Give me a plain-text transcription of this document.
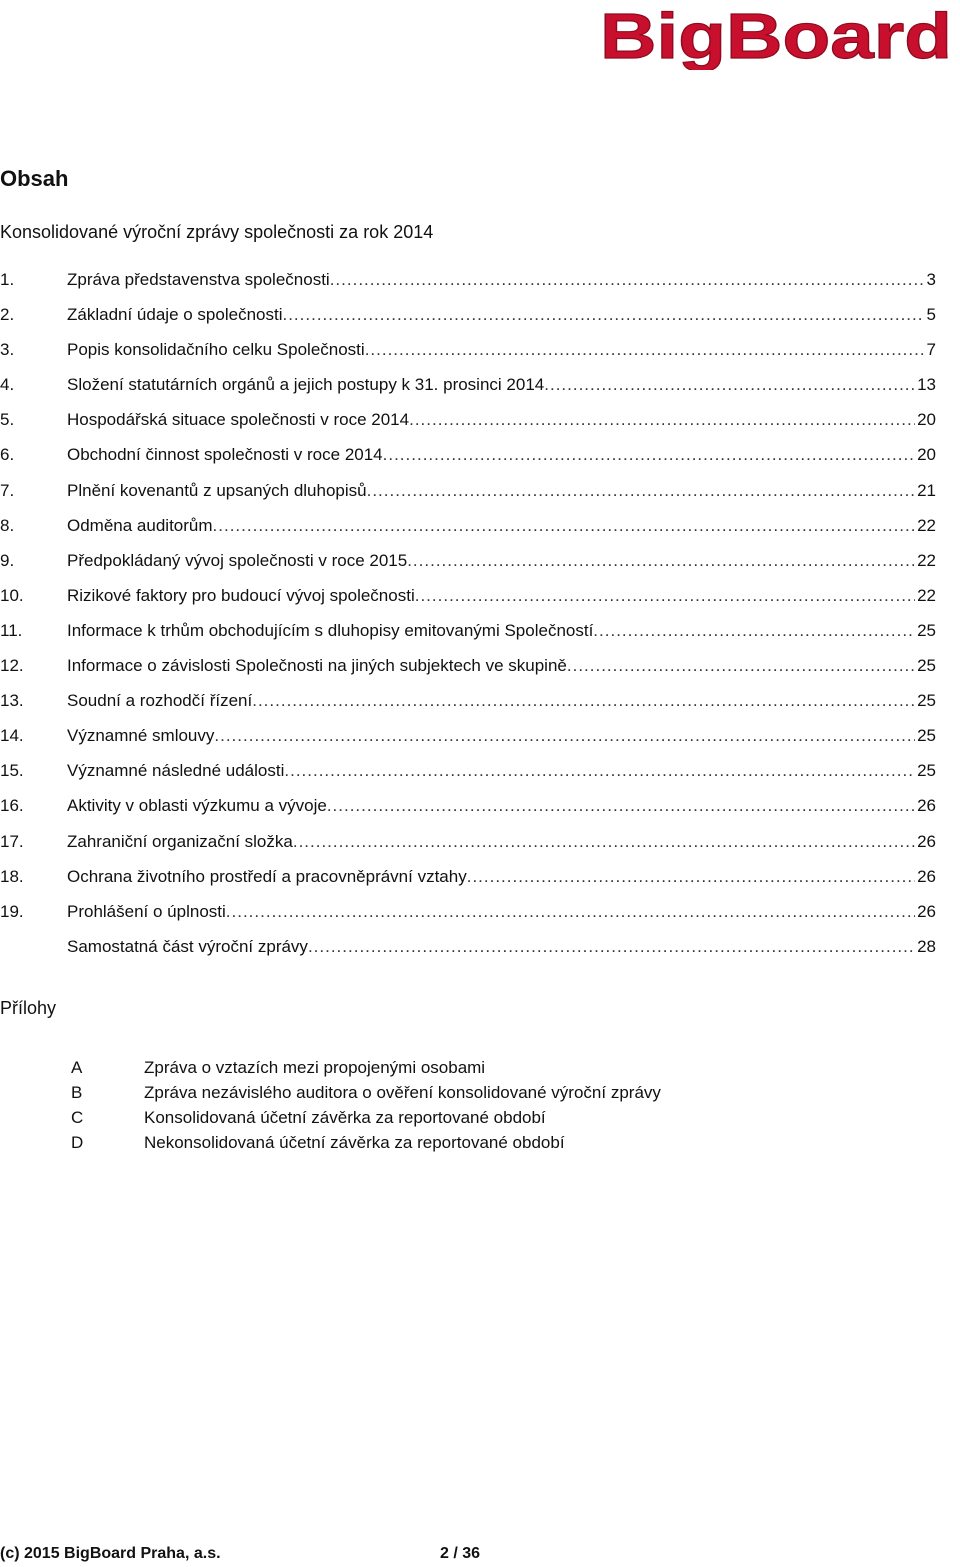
BigBoard
Obsah
Konsolidované výroční zprávy společnosti za rok 2014
1.	Zpráva představenstva společnosti .....	3
2.	Základní údaje o společnosti .....	5
3.	Popis konsolidačního celku Společnosti .....	7
4.	Složení statutárních orgánů a jejich postupy k 31. prosinci 2014 .....	13
5.	Hospodářská situace společnosti v roce 2014 .....	20
6.	Obchodní činnost společnosti v roce 2014 .....	20
7.	Plnění kovenantů z upsaných dluhopisů .....	21
8.	Odměna auditorům .....	22
9.	Předpokládaný vývoj společnosti v roce 2015 .....	22
10.	Rizikové faktory pro budoucí vývoj společnosti .....	22
11.	Informace k trhům obchodujícím s dluhopisy emitovanými Společností .....	25
12.	Informace o závislosti Společnosti na jiných subjektech ve skupině .....	25
13.	Soudní a rozhodčí řízení .....	25
14.	Významné smlouvy .....	25
15.	Významné následné události .....	25
16.	Aktivity v oblasti výzkumu a vývoje .....	26
17.	Zahraniční organizační složka .....	26
18.	Ochrana životního prostředí a pracovněprávní vztahy .....	26
19.	Prohlášení o úplnosti .....	26
Samostatná část výroční zprávy .....	28
Přílohy
A	Zpráva o vztazích mezi propojenými osobami
B	Zpráva nezávislého auditora o ověření konsolidované výroční zprávy
C	Konsolidovaná účetní závěrka za reportované období
D	Nekonsolidovaná účetní závěrka za reportované období
(c) 2015 BigBoard Praha, a.s.	2 / 36
